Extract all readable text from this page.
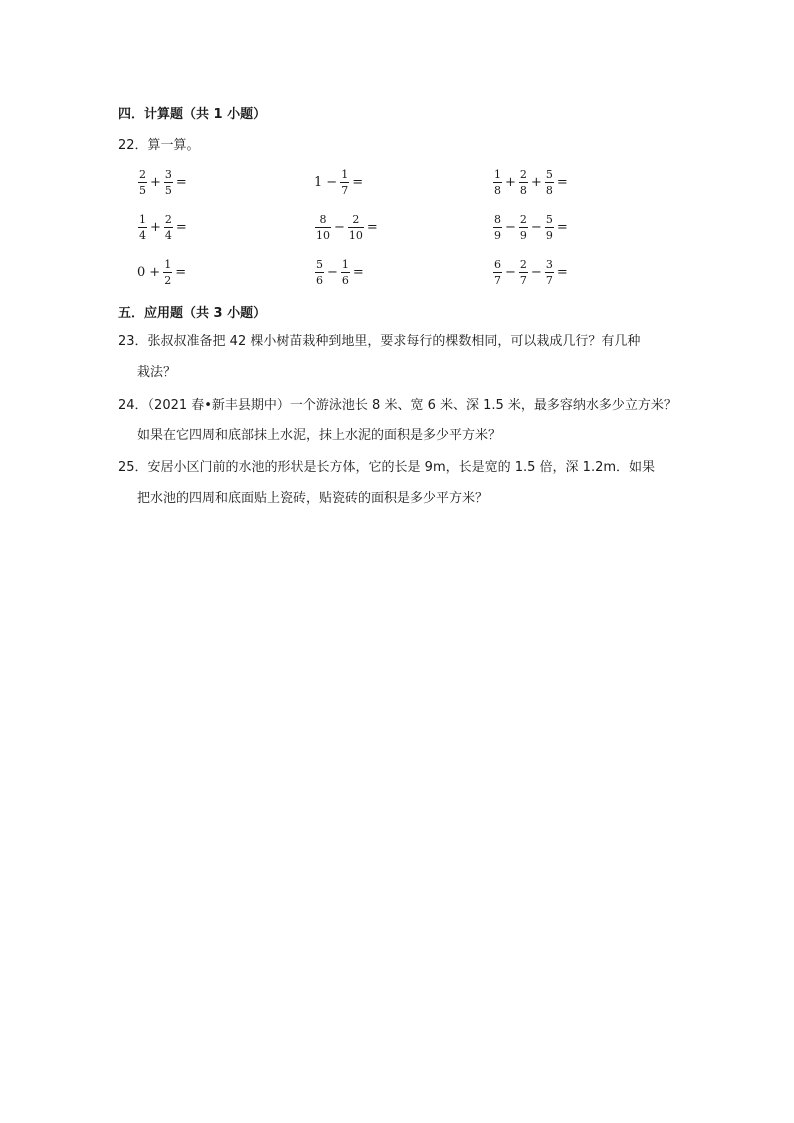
四．计算题（共 1 小题）
22．算一算。
$\frac{2}{5} + \frac{3}{5}$ =	$1 - \frac{1}{7}$ =	$\frac{1}{8} + \frac{2}{8} + \frac{5}{8}$ =
$\frac{1}{4} + \frac{2}{4}$ =	$\frac{8}{10} - \frac{2}{10}$ =	$\frac{8}{9} - \frac{2}{9} - \frac{5}{9}$ =
$0 + \frac{1}{2}$ =	$\frac{5}{6} - \frac{1}{6}$ =	$\frac{6}{7} - \frac{2}{7} - \frac{3}{7}$ =
五．应用题（共 3 小题）
23．张叔叔准备把 42 棵小树苗栽种到地里，要求每行的棵数相同，可以栽成几行？有几种
栽法？
24．（2021 春•新丰县期中）一个游泳池长 8 米、宽 6 米、深 1.5 米，最多容纳水多少立方米？
如果在它四周和底部抹上水泥，抹上水泥的面积是多少平方米？
25．安居小区门前的水池的形状是长方体，它的长是 9m，长是宽的 1.5 倍，深 1.2m．如果
把水池的四周和底面贴上瓷砖，贴瓷砖的面积是多少平方米？
